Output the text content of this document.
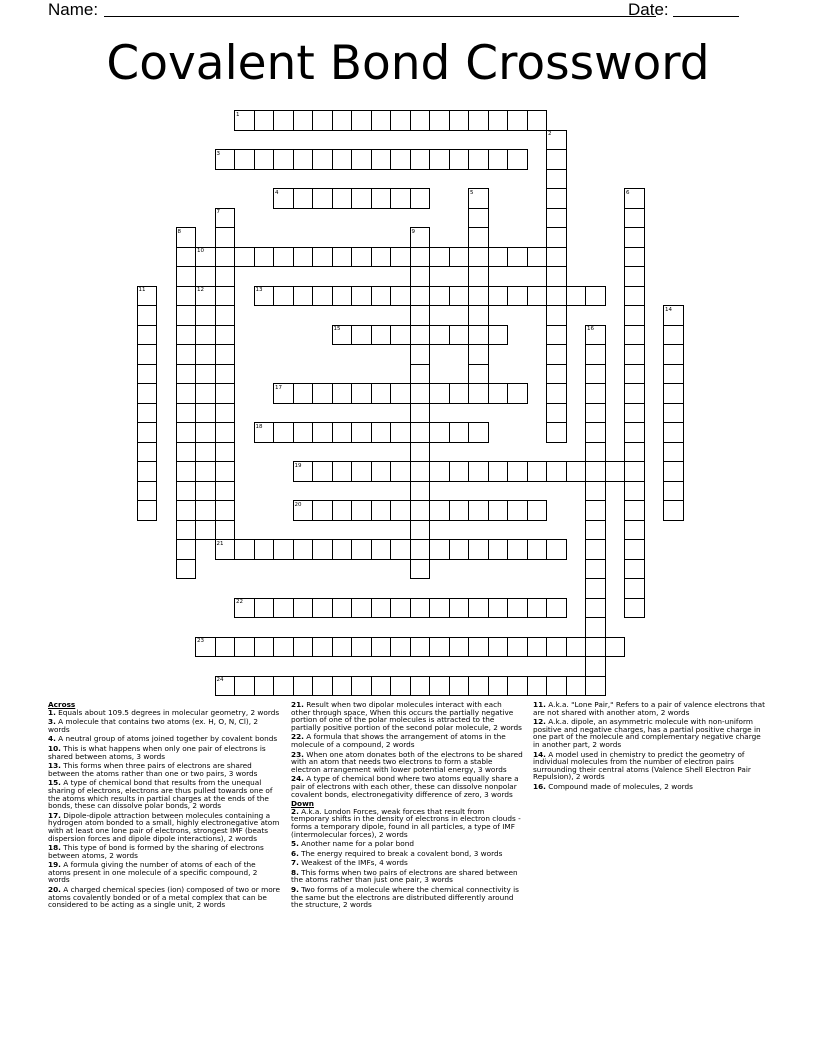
Name:	Date:
Covalent Bond Crossword
1
2
3
4	5	6
7
8	9
10
11	12	13
14
15	16
17
18
19
20
21
22
23
24

Across

1. Equals about 109.5 degrees in molecular geometry, 2 words

3. A molecule that contains two atoms (ex. H, O, N, Cl), 2 words

4. A neutral group of atoms joined together by covalent bonds

10. This is what happens when only one pair of electrons is shared between atoms, 3 words

13. This forms when three pairs of electrons are shared between the atoms rather than one or two pairs, 3 words

15. A type of chemical bond that results from the unequal sharing of electrons, electrons are thus pulled towards one of the atoms which results in partial charges at the ends of the bonds, these can dissolve polar bonds, 2 words

17. Dipole-dipole attraction between molecules containing a hydrogen atom bonded to a small, highly electronegative atom with at least one lone pair of electrons, strongest IMF (beats dispersion forces and dipole dipole interactions), 2 words

18. This type of bond is formed by the sharing of electrons between atoms, 2 words

19. A formula giving the number of atoms of each of the atoms present in one molecule of a specific compound, 2 words

20. A charged chemical species (ion) composed of two or more atoms covalently bonded or of a metal complex that can be considered to be acting as a single unit, 2 words

21. Result when two dipolar molecules interact with each other through space, When this occurs the partially negative portion of one of the polar molecules is attracted to the partially positive portion of the second polar molecule, 2 words

22. A formula that shows the arrangement of atoms in the molecule of a compound, 2 words

23. When one atom donates both of the electrons to be shared with an atom that needs two electrons to form a stable electron arrangement with lower potential energy, 3 words

24. A type of chemical bond where two atoms equally share a pair of electrons with each other, these can dissolve nonpolar covalent bonds, electronegativity difference of zero, 3 words

Down

2. A.k.a. London Forces, weak forces that result from temporary shifts in the density of electrons in electron clouds - forms a temporary dipole, found in all particles, a type of IMF (intermolecular forces), 2 words

5. Another name for a polar bond

6. The energy required to break a covalent bond, 3 words

7. Weakest of the IMFs, 4 words

8. This forms when two pairs of electrons are shared between the atoms rather than just one pair, 3 words

9. Two forms of a molecule where the chemical connectivity is the same but the electrons are distributed differently around the structure, 2 words

11. A.k.a. "Lone Pair," Refers to a pair of valence electrons that are not shared with another atom, 2 words

12. A.k.a. dipole, an asymmetric molecule with non-uniform positive and negative charges, has a partial positive charge in one part of the molecule and complementary negative charge in another part, 2 words

14. A model used in chemistry to predict the geometry of individual molecules from the number of electron pairs surrounding their central atoms (Valence Shell Electron Pair Repulsion), 2 words

16. Compound made of molecules, 2 words
